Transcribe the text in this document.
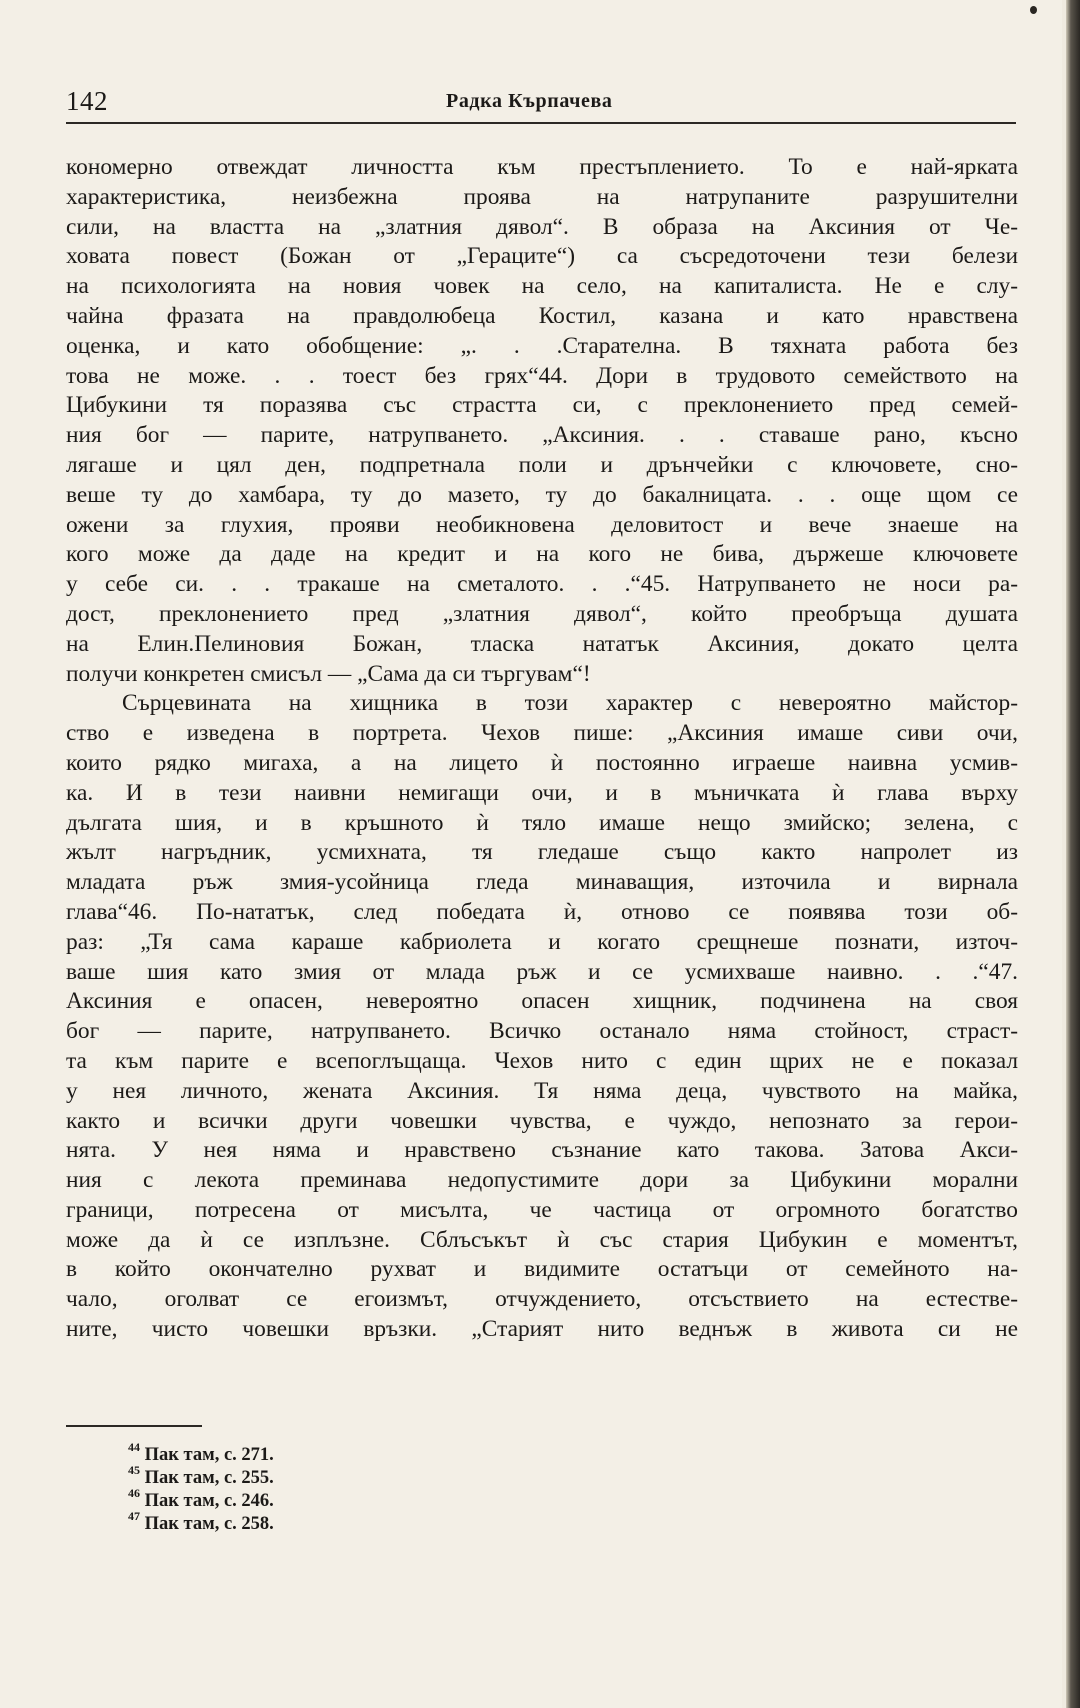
142	Радка Кърпачева
кономерно отвеждат личността към престъплението. То е най-ярката
характеристика, неизбежна проява на натрупаните разрушителни
сили, на властта на „златния дявол“. В образа на Аксиния от Че-
ховата повест (Божан от „Гераците“) са съсредоточени тези белези
на психологията на новия човек на село, на капиталиста. Не е слу-
чайна фразата на правдолюбеца Костил, казана и като нравствена
оценка, и като обобщение: „. . .Старателна. В тяхната работа без
това не може. . . тоест без грях“44. Дори в трудовото семейството на
Цибукини тя поразява със страстта си, с преклонението пред семей-
ния бог — парите, натрупването. „Аксиния. . . ставаше рано, късно
лягаше и цял ден, подпретнала поли и дрънчейки с ключовете, сно-
веше ту до хамбара, ту до мазето, ту до бакалницата. . . още щом се
ожени за глухия, прояви необикновена деловитост и вече знаеше на
кого може да даде на кредит и на кого не бива, държеше ключовете
у себе си. . . тракаше на сметалото. . .“45. Натрупването не носи ра-
дост, преклонението пред „златния дявол“, който преобръща душата
на Елин.Пелиновия Божан, тласка нататък Аксиния, докато целта
получи конкретен смисъл — „Сама да си търгувам“!
Сърцевината на хищника в този характер с невероятно майстор-
ство е изведена в портрета. Чехов пише: „Аксиния имаше сиви очи,
които рядко мигаха, а на лицето ѝ постоянно играеше наивна усмив-
ка. И в тези наивни немигащи очи, и в мъничката ѝ глава върху
дългата шия, и в кръшното ѝ тяло имаше нещо змийско; зелена, с
жълт нагръдник, усмихната, тя гледаше също както напролет из
младата ръж змия-усойница гледа минаващия, източила и вирнала
глава“46. По-нататък, след победата ѝ, отново се появява този об-
раз: „Тя сама караше кабриолета и когато срещнеше познати, източ-
ваше шия като змия от млада ръж и се усмихваше наивно. . .“47.
Аксиния е опасен, невероятно опасен хищник, подчинена на своя
бог — парите, натрупването. Всичко останало няма стойност, страст-
та към парите е всепоглъщаща. Чехов нито с един щрих не е показал
у нея личното, жената Аксиния. Тя няма деца, чувството на майка,
както и всички други човешки чувства, е чуждо, непознато за герои-
нята. У нея няма и нравствено съзнание като такова. Затова Акси-
ния с лекота преминава недопустимите дори за Цибукини морални
граници, потресена от мисълта, че частица от огромното богатство
може да ѝ се изплъзне. Сблъсъкът ѝ със стария Цибукин е моментът,
в който окончателно рухват и видимите остатъци от семейното на-
чало, оголват се егоизмът, отчуждението, отсъствието на естестве-
ните, чисто човешки връзки. „Старият нито веднъж в живота си не
$^{44}$ Пак там, с. 271.
$^{45}$ Пак там, с. 255.
$^{46}$ Пак там, с. 246.
$^{47}$ Пак там, с. 258.
